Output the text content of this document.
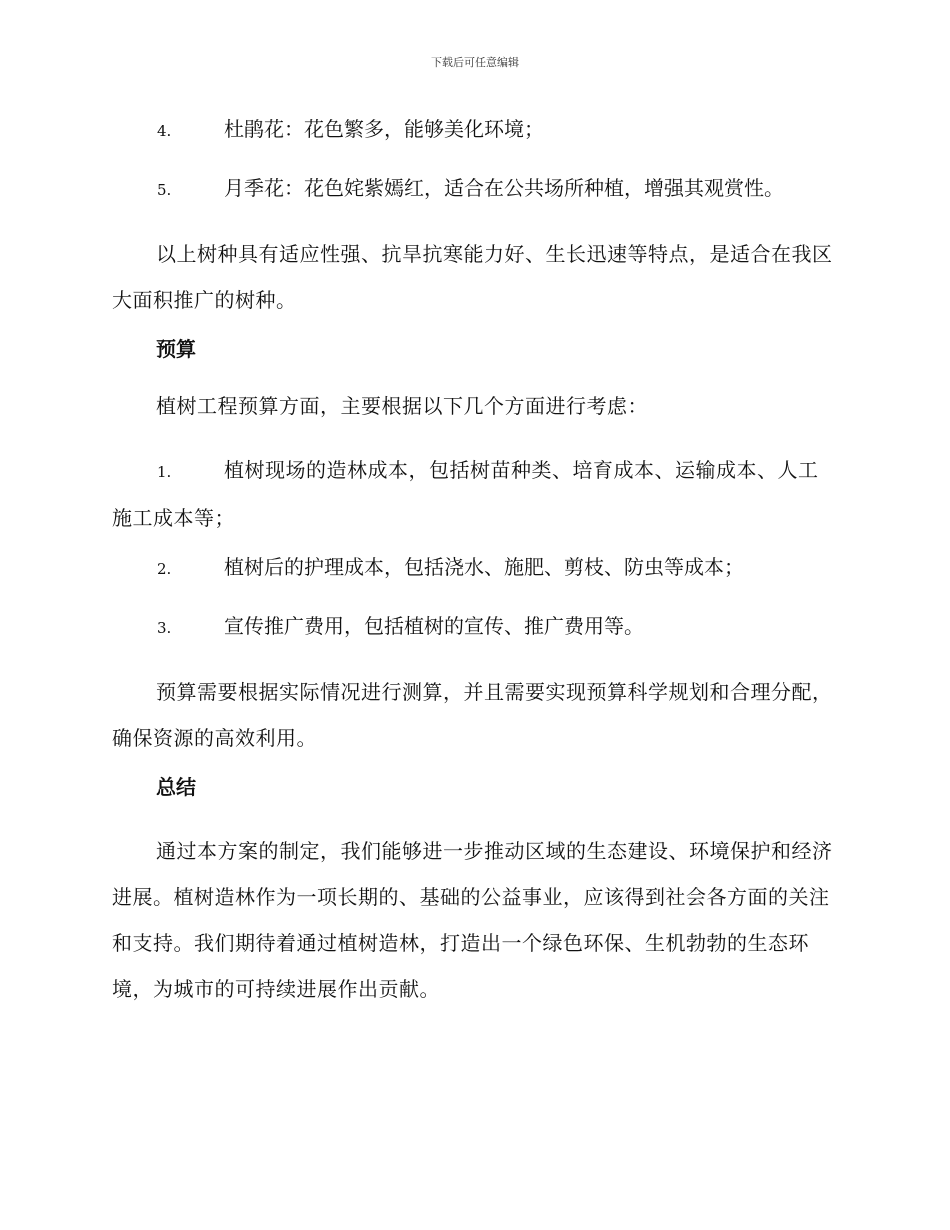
下载后可任意编辑
4.	杜鹃花：花色繁多，能够美化环境；
5.	月季花：花色姹紫嫣红，适合在公共场所种植，增强其观赏性。

以上树种具有适应性强、抗旱抗寒能力好、生长迅速等特点，是适合在我区大面积推广的树种。

预算

植树工程预算方面，主要根据以下几个方面进行考虑：

1.	植树现场的造林成本，包括树苗种类、培育成本、运输成本、人工施工成本等；
2.	植树后的护理成本，包括浇水、施肥、剪枝、防虫等成本；
3.	宣传推广费用，包括植树的宣传、推广费用等。

预算需要根据实际情况进行测算，并且需要实现预算科学规划和合理分配，确保资源的高效利用。

总结

通过本方案的制定，我们能够进一步推动区域的生态建设、环境保护和经济进展。植树造林作为一项长期的、基础的公益事业，应该得到社会各方面的关注和支持。我们期待着通过植树造林，打造出一个绿色环保、生机勃勃的生态环境，为城市的可持续进展作出贡献。
